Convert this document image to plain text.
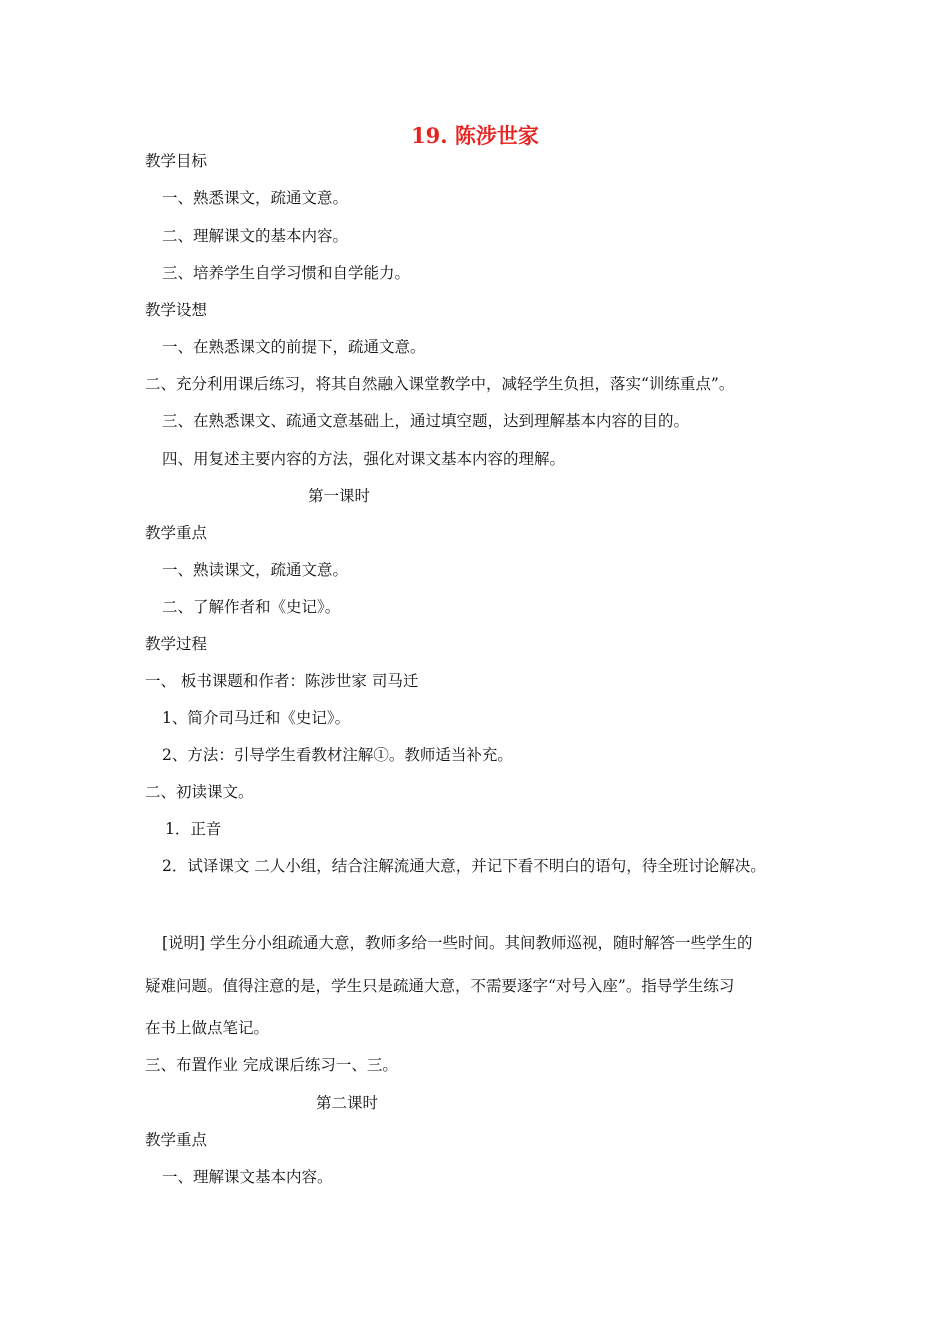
19. 陈涉世家
教学目标
一、熟悉课文，疏通文意。
二、理解课文的基本内容。
三、培养学生自学习惯和自学能力。
教学设想
一、在熟悉课文的前提下，疏通文意。
二、充分利用课后练习，将其自然融入课堂教学中，减轻学生负担，落实“训练重点”。
三、在熟悉课文、疏通文意基础上，通过填空题，达到理解基本内容的目的。
四、用复述主要内容的方法，强化对课文基本内容的理解。
第一课时
教学重点
一、熟读课文，疏通文意。
二、了解作者和《史记》。
教学过程
一、 板书课题和作者：陈涉世家 司马迁
1、简介司马迁和《史记》。
2、方法：引导学生看教材注解①。教师适当补充。
二、初读课文。
1．正音
2．试译课文 二人小组，结合注解流通大意，并记下看不明白的语句，待全班讨论解决。
[说明] 学生分小组疏通大意，教师多给一些时间。其间教师巡视，随时解答一些学生的
疑难问题。值得注意的是，学生只是疏通大意，不需要逐字“对号入座”。指导学生练习
在书上做点笔记。
三、布置作业 完成课后练习一、三。
第二课时
教学重点
一、理解课文基本内容。
